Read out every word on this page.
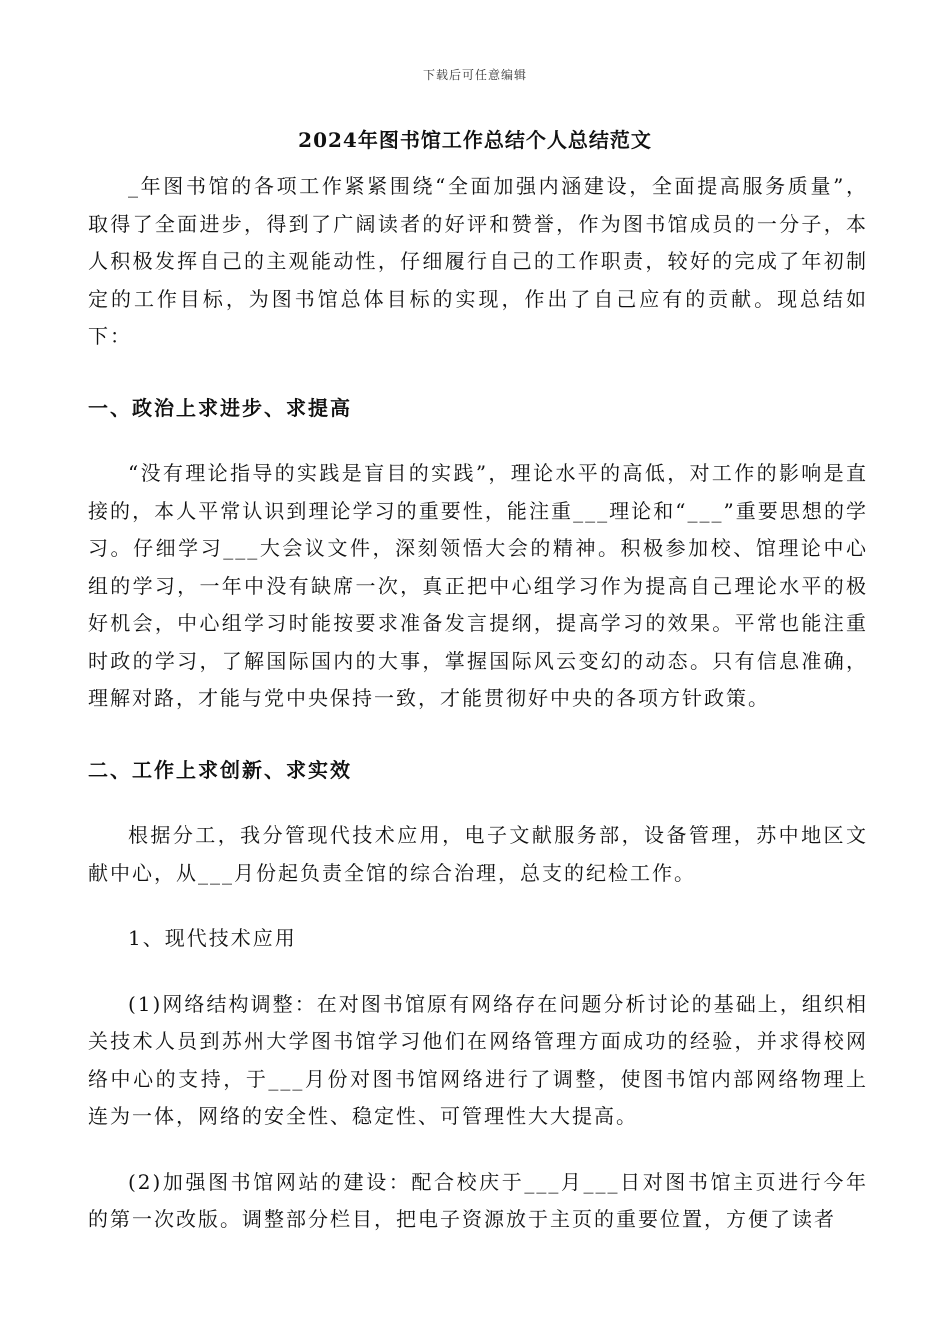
下载后可任意编辑
2024年图书馆工作总结个人总结范文

_年图书馆的各项工作紧紧围绕“全面加强内涵建设，全面提高服务质量”，取得了全面进步，得到了广阔读者的好评和赞誉，作为图书馆成员的一分子，本人积极发挥自己的主观能动性，仔细履行自己的工作职责，较好的完成了年初制定的工作目标，为图书馆总体目标的实现，作出了自己应有的贡献。现总结如下：

一、政治上求进步、求提高

“没有理论指导的实践是盲目的实践”，理论水平的高低，对工作的影响是直接的，本人平常认识到理论学习的重要性，能注重___理论和“___”重要思想的学习。仔细学习___大会议文件，深刻领悟大会的精神。积极参加校、馆理论中心组的学习，一年中没有缺席一次，真正把中心组学习作为提高自己理论水平的极好机会，中心组学习时能按要求准备发言提纲，提高学习的效果。平常也能注重时政的学习，了解国际国内的大事，掌握国际风云变幻的动态。只有信息准确，理解对路，才能与党中央保持一致，才能贯彻好中央的各项方针政策。

二、工作上求创新、求实效

根据分工，我分管现代技术应用，电子文献服务部，设备管理，苏中地区文献中心，从___月份起负责全馆的综合治理，总支的纪检工作。

1、现代技术应用

(1)网络结构调整：在对图书馆原有网络存在问题分析讨论的基础上，组织相关技术人员到苏州大学图书馆学习他们在网络管理方面成功的经验，并求得校网络中心的支持，于___月份对图书馆网络进行了调整，使图书馆内部网络物理上连为一体，网络的安全性、稳定性、可管理性大大提高。

(2)加强图书馆网站的建设：配合校庆于___月___日对图书馆主页进行今年的第一次改版。调整部分栏目，把电子资源放于主页的重要位置，方便了读者
